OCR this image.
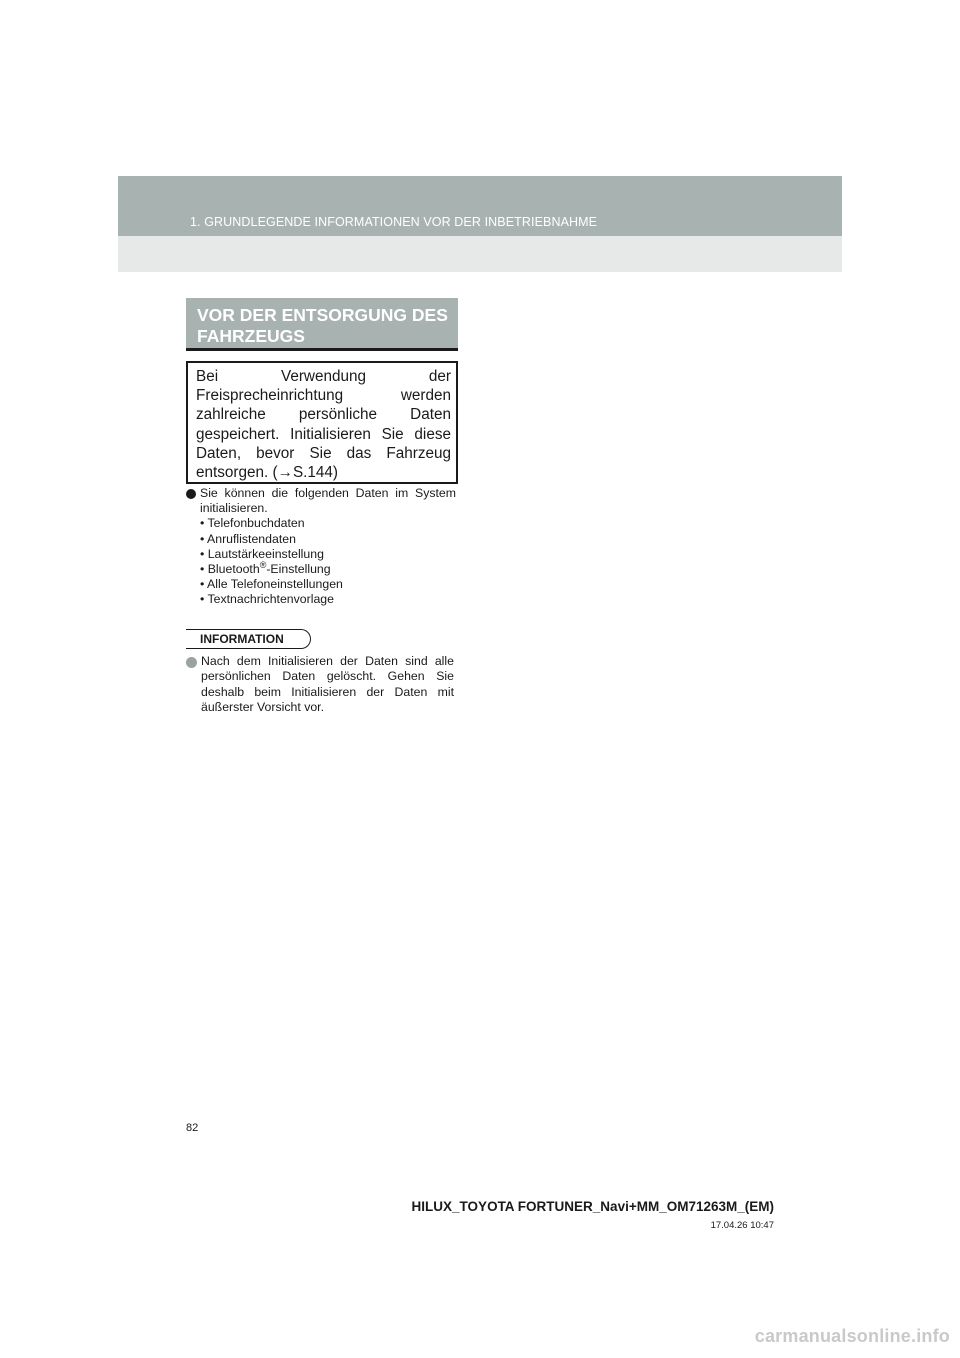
1. GRUNDLEGENDE INFORMATIONEN VOR DER INBETRIEBNAHME
VOR DER ENTSORGUNG DES FAHRZEUGS
Bei Verwendung der Freisprecheinrichtung werden zahlreiche persönliche Daten gespeichert. Initialisieren Sie diese Daten, bevor Sie das Fahrzeug entsorgen. (→S.144)
Sie können die folgenden Daten im System initialisieren.
• Telefonbuchdaten
• Anruflistendaten
• Lautstärkeeinstellung
• Bluetooth®-Einstellung
• Alle Telefoneinstellungen
• Textnachrichtenvorlage
INFORMATION
Nach dem Initialisieren der Daten sind alle persönlichen Daten gelöscht. Gehen Sie deshalb beim Initialisieren der Daten mit äußerster Vorsicht vor.
82
HILUX_TOYOTA FORTUNER_Navi+MM_OM71263M_(EM)
17.04.26 10:47
carmanualsonline.info
